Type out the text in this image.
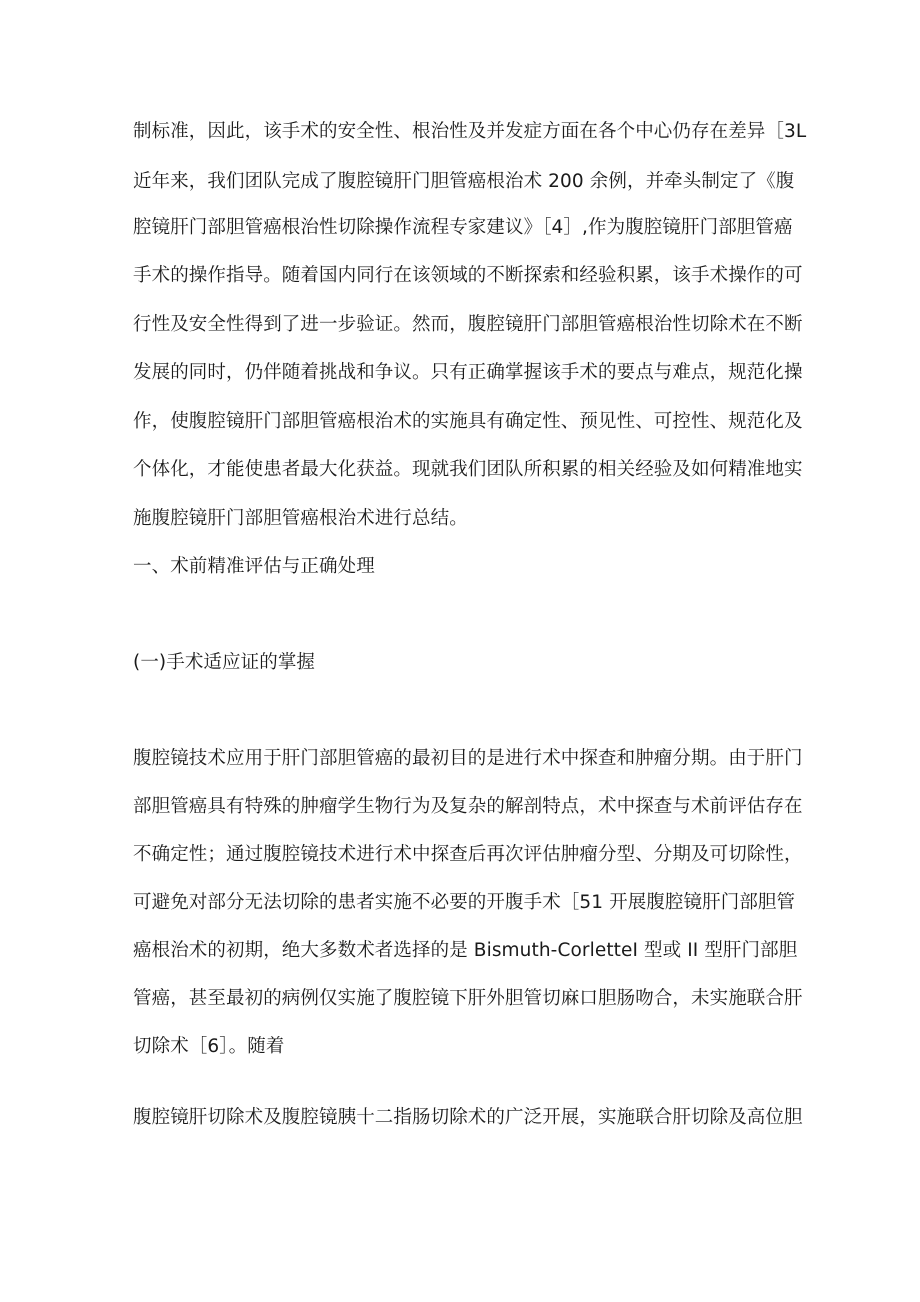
制标准，因此，该手术的安全性、根治性及并发症方面在各个中心仍存在差异［3L
近年来，我们团队完成了腹腔镜肝门胆管癌根治术 200 余例，并牵头制定了《腹
腔镜肝门部胆管癌根治性切除操作流程专家建议》［4］,作为腹腔镜肝门部胆管癌
手术的操作指导。随着国内同行在该领域的不断探索和经验积累，该手术操作的可
行性及安全性得到了进一步验证。然而，腹腔镜肝门部胆管癌根治性切除术在不断
发展的同时，仍伴随着挑战和争议。只有正确掌握该手术的要点与难点，规范化操
作，使腹腔镜肝门部胆管癌根治术的实施具有确定性、预见性、可控性、规范化及
个体化，才能使患者最大化获益。现就我们团队所积累的相关经验及如何精准地实
施腹腔镜肝门部胆管癌根治术进行总结。
一、术前精准评估与正确处理
(一)手术适应证的掌握
腹腔镜技术应用于肝门部胆管癌的最初目的是进行术中探查和肿瘤分期。由于肝门
部胆管癌具有特殊的肿瘤学生物行为及复杂的解剖特点，术中探查与术前评估存在
不确定性；通过腹腔镜技术进行术中探查后再次评估肿瘤分型、分期及可切除性，
可避免对部分无法切除的患者实施不必要的开腹手术［51 开展腹腔镜肝门部胆管
癌根治术的初期，绝大多数术者选择的是 Bismuth-CorletteI 型或 II 型肝门部胆
管癌，甚至最初的病例仅实施了腹腔镜下肝外胆管切麻口胆肠吻合，未实施联合肝
切除术［6］。随着
腹腔镜肝切除术及腹腔镜胰十二指肠切除术的广泛开展，实施联合肝切除及高位胆
